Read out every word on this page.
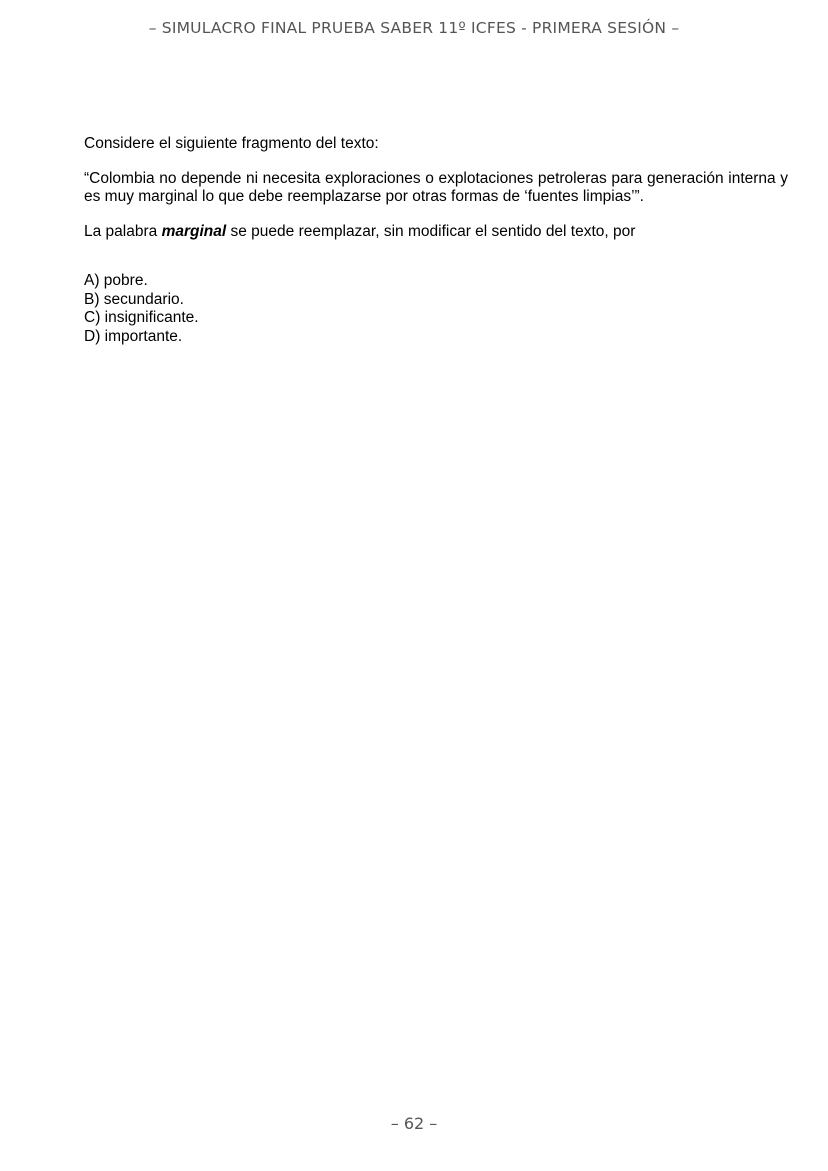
– SIMULACRO FINAL PRUEBA SABER 11º ICFES - PRIMERA SESIÓN –

Considere el siguiente fragmento del texto:

“Colombia no depende ni necesita exploraciones o explotaciones petroleras para generación interna y es muy marginal lo que debe reemplazarse por otras formas de ‘fuentes limpias’”.

La palabra marginal se puede reemplazar, sin modificar el sentido del texto, por

A) pobre.
B) secundario.
C) insignificante.
D) importante.
– 62 –
